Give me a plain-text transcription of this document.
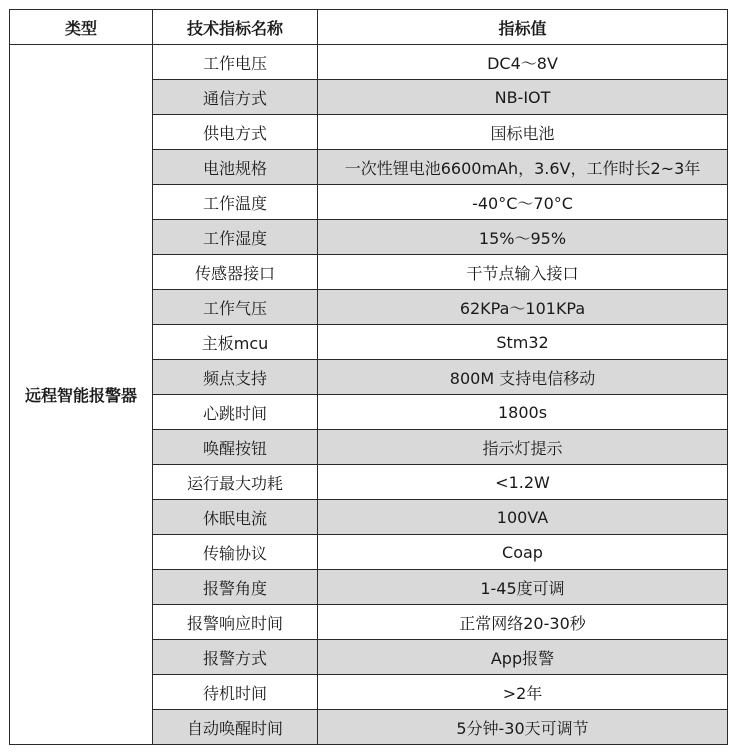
类型	技术指标名称	指标值
远程智能报警器	工作电压	DC4～8V
	通信方式	NB-IOT
	供电方式	国标电池
	电池规格	一次性锂电池6600mAh，3.6V，工作时长2~3年
	工作温度	-40°C～70°C
	工作湿度	15%～95%
	传感器接口	干节点输入接口
	工作气压	62KPa～101KPa
	主板mcu	Stm32
	频点支持	800M 支持电信移动
	心跳时间	1800s
	唤醒按钮	指示灯提示
	运行最大功耗	<1.2W
	休眠电流	100VA
	传输协议	Coap
	报警角度	1-45度可调
	报警响应时间	正常网络20-30秒
	报警方式	App报警
	待机时间	>2年
	自动唤醒时间	5分钟-30天可调节
